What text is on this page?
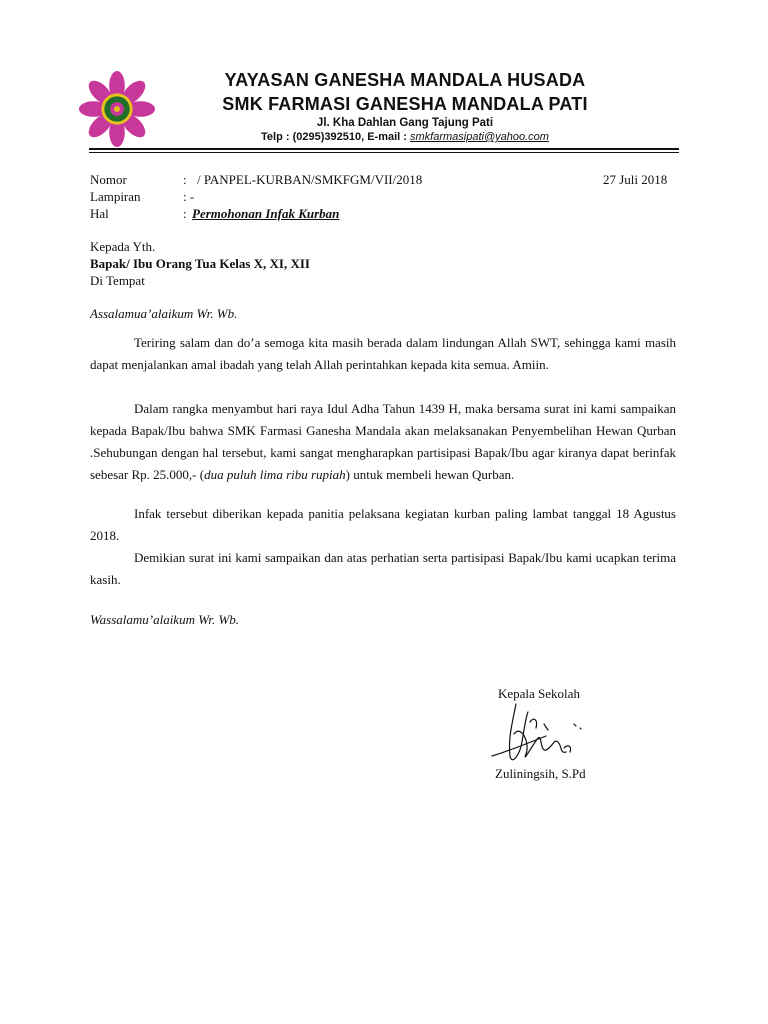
YAYASAN GANESHA MANDALA HUSADA
SMK FARMASI GANESHA MANDALA PATI
Jl. Kha Dahlan Gang Tajung Pati
Telp : (0295)392510, E-mail : smkfarmasipati@yahoo.com
Nomor	: / PANPEL-KURBAN/SMKFGM/VII/2018	27 Juli 2018
Lampiran	: -
Hal	: Permohonan Infak Kurban
Kepada Yth.
Bapak/ Ibu Orang Tua Kelas X, XI, XII
Di Tempat
Assalamua’alaikum Wr. Wb.
Teriring salam dan do’a semoga kita masih berada dalam lindungan Allah SWT, sehingga kami masih dapat menjalankan amal ibadah yang telah Allah perintahkan kepada kita semua. Amiin.
Dalam rangka menyambut hari raya Idul Adha Tahun 1439 H, maka bersama surat ini kami sampaikan kepada Bapak/Ibu bahwa SMK Farmasi Ganesha Mandala akan melaksanakan Penyembelihan Hewan Qurban .Sehubungan dengan hal tersebut, kami sangat mengharapkan partisipasi Bapak/Ibu agar kiranya dapat berinfak sebesar Rp. 25.000,- (dua puluh lima ribu rupiah) untuk membeli hewan Qurban.
Infak tersebut diberikan kepada panitia pelaksana kegiatan kurban paling lambat tanggal 18 Agustus 2018.
Demikian surat ini kami sampaikan dan atas perhatian serta partisipasi Bapak/Ibu kami ucapkan terima kasih.
Wassalamu’alaikum Wr. Wb.
Kepala Sekolah
Zuliningsih, S.Pd
